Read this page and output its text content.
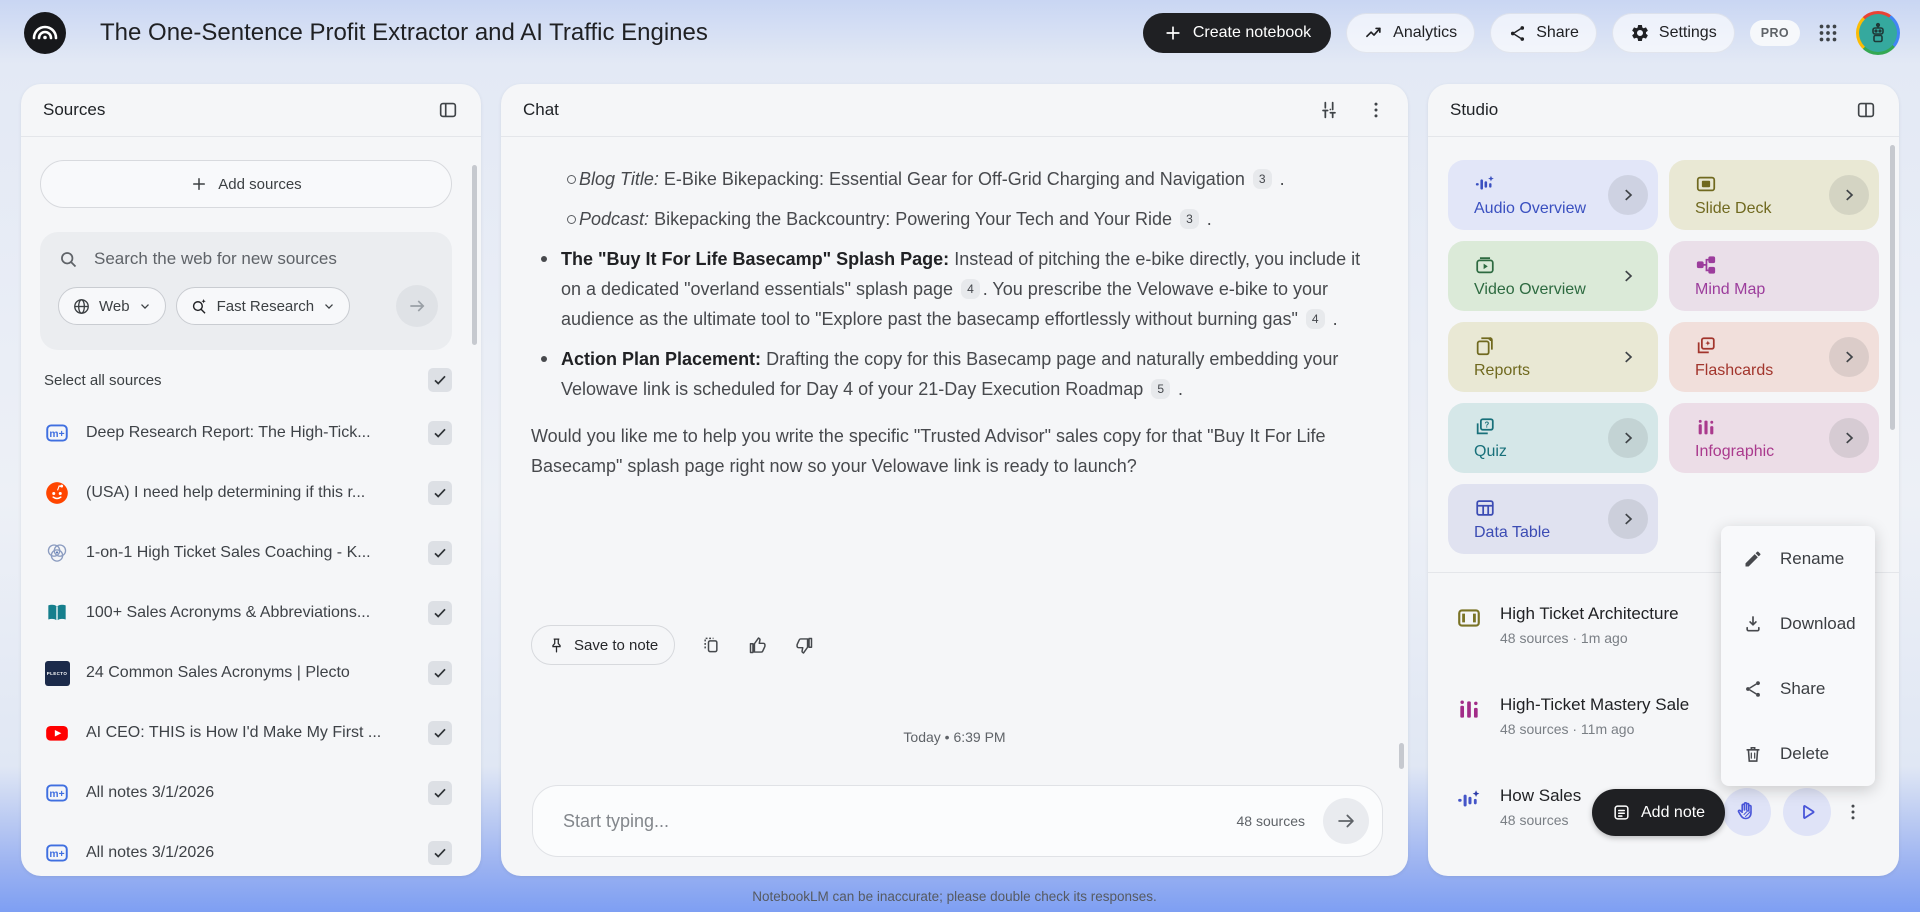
The One-Sentence Profit Extractor and AI Traffic Engines	Create notebook	Analytics	Share	Settings	PRO
Sources
Add sources
Search the web for new sources
Web	Fast Research
Select all sources
m+ Deep Research Report: The High-Tick...
(USA) I need help determining if this r...
1-on-1 High Ticket Sales Coaching - K...
100+ Sales Acronyms & Abbreviations...
PLECTO 24 Common Sales Acronyms | Plecto
AI CEO: THIS is How I'd Make My First ...
m+ All notes 3/1/2026
m+ All notes 3/1/2026
Chat
Blog Title: E-Bike Bikepacking: Essential Gear for Off-Grid Charging and Navigation 3 .
Podcast: Bikepacking the Backcountry: Powering Your Tech and Your Ride 3 .
The "Buy It For Life Basecamp" Splash Page: Instead of pitching the e-bike directly, you include it on a dedicated "overland essentials" splash page 4 . You prescribe the Velowave e-bike to your audience as the ultimate tool to "Explore past the basecamp effortlessly without burning gas" 4 .
Action Plan Placement: Drafting the copy for this Basecamp page and naturally embedding your Velowave link is scheduled for Day 4 of your 21-Day Execution Roadmap 5 .
Would you like me to help you write the specific "Trusted Advisor" sales copy for that "Buy It For Life Basecamp" splash page right now so your Velowave link is ready to launch?
Save to note
Today • 6:39 PM
Start typing...
48 sources
Studio
Audio Overview	Slide Deck
Video Overview	Mind Map
Reports	Flashcards
?
Quiz	Infographic
Data Table
High Ticket Architecture
48 sources · 1m ago
High-Ticket Mastery Sale
48 sources · 11m ago
How Sales
48 sources	Add note
Rename
Download
Share
Delete
NotebookLM can be inaccurate; please double check its responses.
